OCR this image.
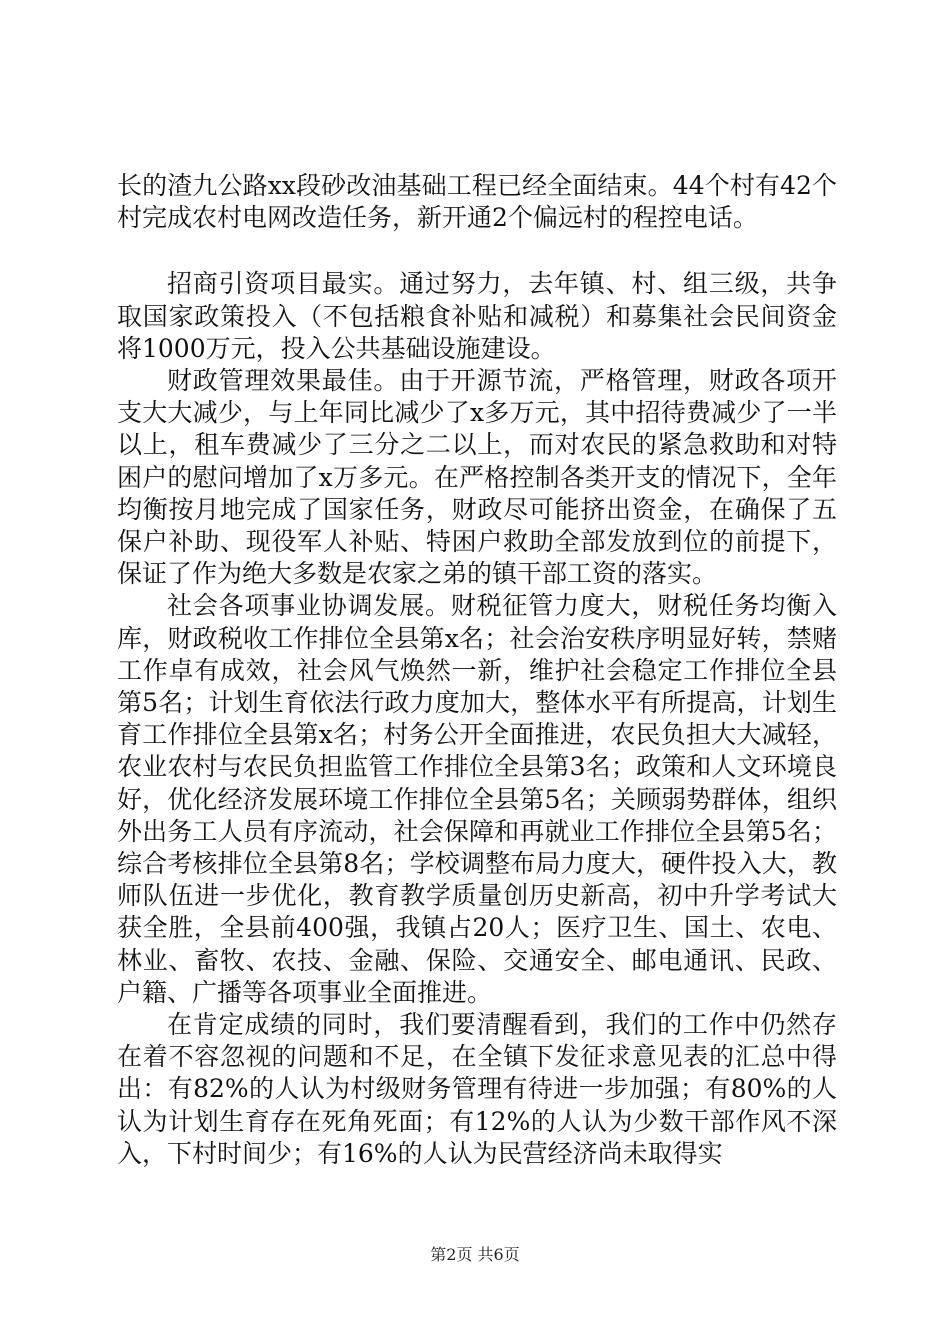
长的渣九公路xx段砂改油基础工程已经全面结束。44个村有42个村完成农村电网改造任务，新开通2个偏远村的程控电话。

招商引资项目最实。通过努力，去年镇、村、组三级，共争取国家政策投入（不包括粮食补贴和减税）和募集社会民间资金将1000万元，投入公共基础设施建设。

财政管理效果最佳。由于开源节流，严格管理，财政各项开支大大减少，与上年同比减少了x多万元，其中招待费减少了一半以上，租车费减少了三分之二以上，而对农民的紧急救助和对特困户的慰问增加了x万多元。在严格控制各类开支的情况下，全年均衡按月地完成了国家任务，财政尽可能挤出资金，在确保了五保户补助、现役军人补贴、特困户救助全部发放到位的前提下，保证了作为绝大多数是农家之弟的镇干部工资的落实。

社会各项事业协调发展。财税征管力度大，财税任务均衡入库，财政税收工作排位全县第x名；社会治安秩序明显好转，禁赌工作卓有成效，社会风气焕然一新，维护社会稳定工作排位全县第5名；计划生育依法行政力度加大，整体水平有所提高，计划生育工作排位全县第x名；村务公开全面推进，农民负担大大减轻，农业农村与农民负担监管工作排位全县第3名；政策和人文环境良好，优化经济发展环境工作排位全县第5名；关顾弱势群体，组织外出务工人员有序流动，社会保障和再就业工作排位全县第5名；综合考核排位全县第8名；学校调整布局力度大，硬件投入大，教师队伍进一步优化，教育教学质量创历史新高，初中升学考试大获全胜，全县前400强，我镇占20人；医疗卫生、国土、农电、林业、畜牧、农技、金融、保险、交通安全、邮电通讯、民政、户籍、广播等各项事业全面推进。

在肯定成绩的同时，我们要清醒看到，我们的工作中仍然存在着不容忽视的问题和不足，在全镇下发征求意见表的汇总中得出：有82%的人认为村级财务管理有待进一步加强；有80%的人认为计划生育存在死角死面；有12%的人认为少数干部作风不深入，下村时间少；有16%的人认为民营经济尚未取得实

第2页 共6页
